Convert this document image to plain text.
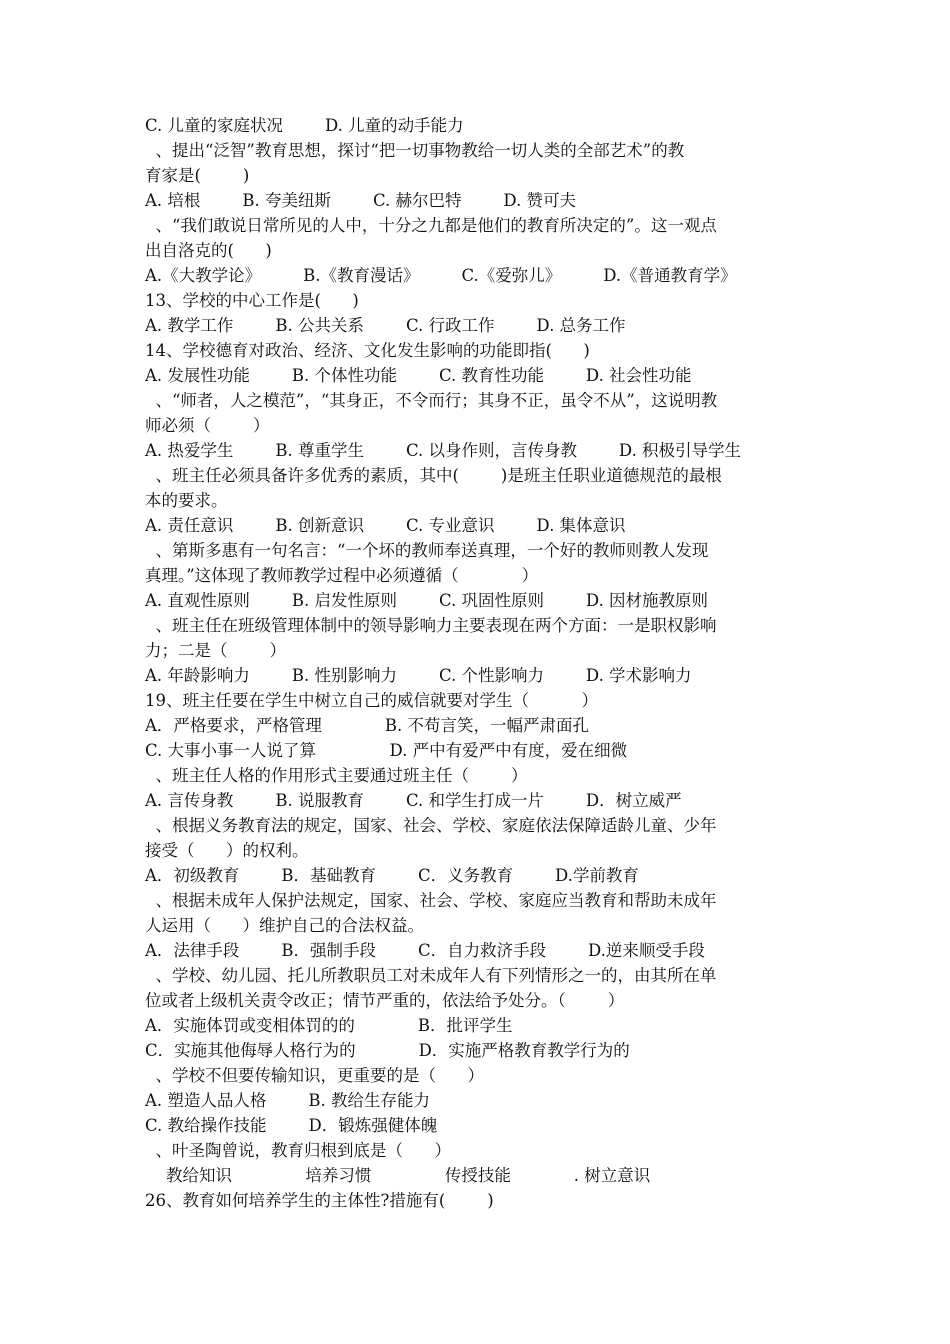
C. 儿童的家庭状况        D. 儿童的动手能力
、提出“泛智”教育思想，探讨“把一切事物教给一切人类的全部艺术”的教
育家是(        )
A. 培根        B. 夸美纽斯        C. 赫尔巴特        D. 赞可夫
、“我们敢说日常所见的人中，十分之九都是他们的教育所决定的”。这一观点
出自洛克的(      )
A.《大教学论》        B.《教育漫话》        C.《爱弥儿》        D.《普通教育学》
13、学校的中心工作是(      )
A. 教学工作        B. 公共关系        C. 行政工作        D. 总务工作
14、学校德育对政治、经济、文化发生影响的功能即指(      )
A. 发展性功能        B. 个体性功能        C. 教育性功能        D. 社会性功能
、“师者，人之模范”，“其身正，不令而行；其身不正，虽令不从”，这说明教
师必须（        ）
A. 热爱学生        B. 尊重学生        C. 以身作则，言传身教        D. 积极引导学生
、班主任必须具备许多优秀的素质，其中(        )是班主任职业道德规范的最根
本的要求。
A. 责任意识        B. 创新意识        C. 专业意识        D. 集体意识
、第斯多惠有一句名言：“一个坏的教师奉送真理，一个好的教师则教人发现
真理。”这体现了教师教学过程中必须遵循（            ）
A. 直观性原则        B. 启发性原则        C. 巩固性原则        D. 因材施教原则
、班主任在班级管理体制中的领导影响力主要表现在两个方面：一是职权影响
力；二是（        ）
A. 年龄影响力        B. 性别影响力        C. 个性影响力        D. 学术影响力
19、班主任要在学生中树立自己的威信就要对学生（          ）
A．严格要求，严格管理            B. 不苟言笑，一幅严肃面孔
C. 大事小事一人说了算              D. 严中有爱严中有度，爱在细微
、班主任人格的作用形式主要通过班主任（        ）
A. 言传身教        B. 说服教育        C. 和学生打成一片        D．树立威严
、根据义务教育法的规定，国家、社会、学校、家庭依法保障适龄儿童、少年
接受（      ）的权利。
A．初级教育        B．基础教育        C．义务教育        D.学前教育
、根据未成年人保护法规定，国家、社会、学校、家庭应当教育和帮助未成年
人运用（      ）维护自己的合法权益。
A．法律手段        B．强制手段        C．自力救济手段        D.逆来顺受手段
、学校、幼儿园、托儿所教职员工对未成年人有下列情形之一的，由其所在单
位或者上级机关责令改正；情节严重的，依法给予处分。（        ）
A．实施体罚或变相体罚的的            B．批评学生
C．实施其他侮辱人格行为的            D．实施严格教育教学行为的
、学校不但要传输知识，更重要的是（      ）
A. 塑造人品人格        B. 教给生存能力
C. 教给操作技能        D．锻炼强健体魄
、叶圣陶曾说，教育归根到底是（      ）
教给知识              培养习惯              传授技能            . 树立意识
26、教育如何培养学生的主体性?措施有(        )
